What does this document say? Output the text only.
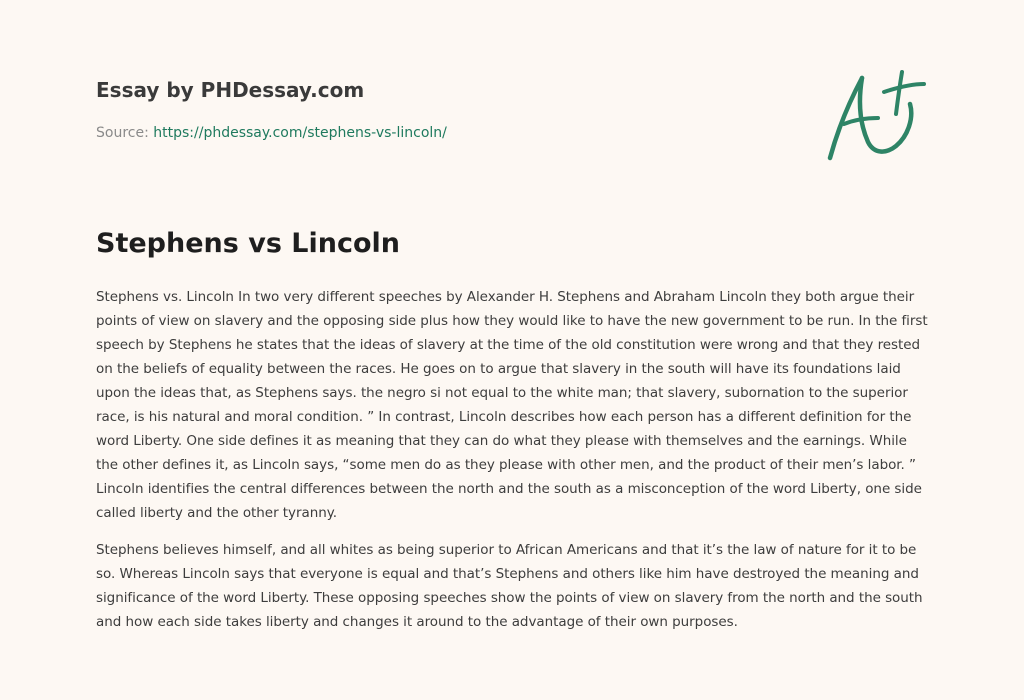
Essay by PHDessay.com
Source: https://phdessay.com/stephens-vs-lincoln/
Stephens vs Lincoln

Stephens vs. Lincoln In two very different speeches by Alexander H. Stephens and Abraham Lincoln they both argue their points of view on slavery and the opposing side plus how they would like to have the new government to be run. In the first speech by Stephens he states that the ideas of slavery at the time of the old constitution were wrong and that they rested on the beliefs of equality between the races. He goes on to argue that slavery in the south will have its foundations laid upon the ideas that, as Stephens says. the negro si not equal to the white man; that slavery, subornation to the superior race, is his natural and moral condition. ” In contrast, Lincoln describes how each person has a different definition for the word Liberty. One side defines it as meaning that they can do what they please with themselves and the earnings. While the other defines it, as Lincoln says, “some men do as they please with other men, and the product of their men’s labor. ” Lincoln identifies the central differences between the north and the south as a misconception of the word Liberty, one side called liberty and the other tyranny.

Stephens believes himself, and all whites as being superior to African Americans and that it’s the law of nature for it to be so. Whereas Lincoln says that everyone is equal and that’s Stephens and others like him have destroyed the meaning and significance of the word Liberty. These opposing speeches show the points of view on slavery from the north and the south and how each side takes liberty and changes it around to the advantage of their own purposes.
